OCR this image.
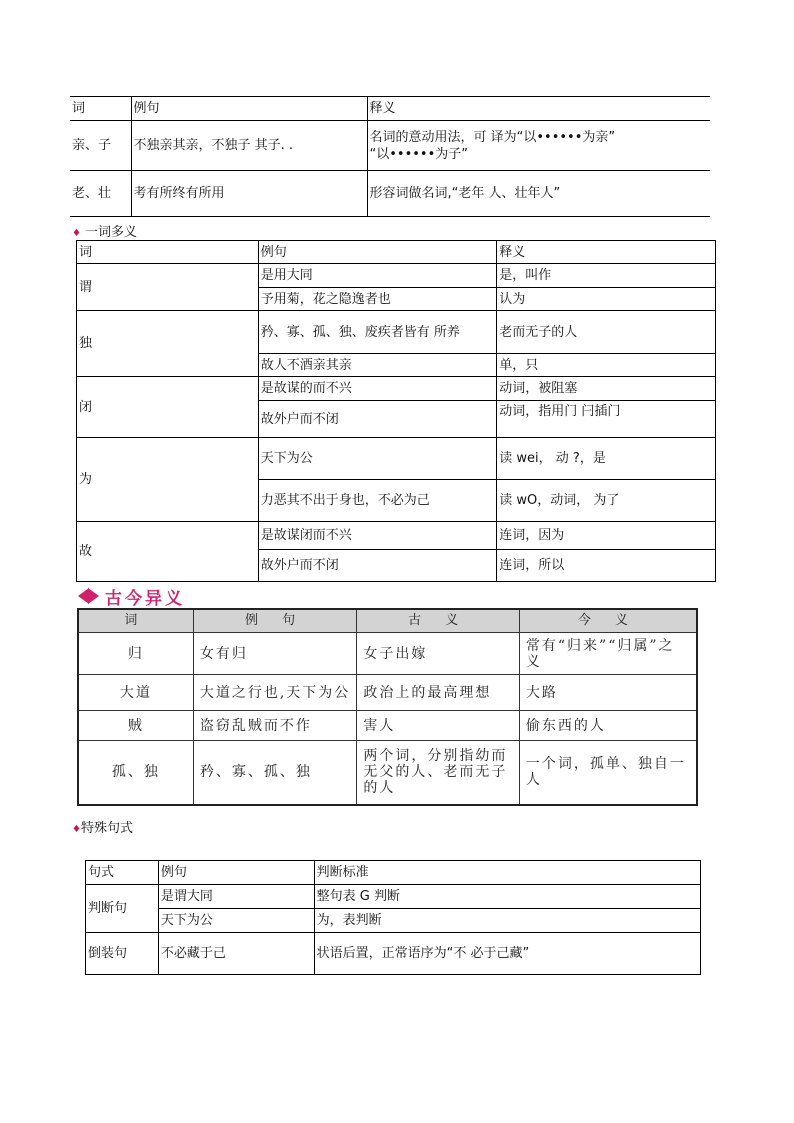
词	例句	释义
亲、子	不独亲其亲，不独子 其子. .	名词的意动用法，可 译为“以••••••为亲”
“以••••••为子”

老、壮	考有所终有所用	形容词做名词,“老年 人、壮年人”
♦ 一词多义
词	例句	释义
谓	是用大同	是，叫作
	予用菊，花之隐逸者也	认为
独	矜、寡、孤、独、废疾者皆有 所养	老而无子的人
	故人不酒亲其亲	单，只
闭	是故谋的而不兴	动词，被阻塞
	故外户而不闭	动词，指用门 闩插门
为	天下为公	读 wei， 动 ?，是
	力恶其不出于身也，不必为己	读 wO，动词， 为了
故	是故谋闭而不兴	连词，因为
	故外户而不闭	连词，所以
古今异义
词	例 句	古 义	今 义
归	女有归	女子出嫁	常有“归来”“归属”之义
大道	大道之行也,天下为公	政治上的最高理想	大路
贼	盗窃乱贼而不作	害人	偷东西的人
孤、独	矜、寡、孤、独	两个词，分别指幼而无父的人、老而无子的人	一个词，孤单、独自一人
♦特殊句式
句式	例句	判断标准
判断句	是谓大同	整句表 G 判断
	天下为公	为，表判断
倒装句	不必藏于己	状语后置，正常语序为“不 必于己藏”
